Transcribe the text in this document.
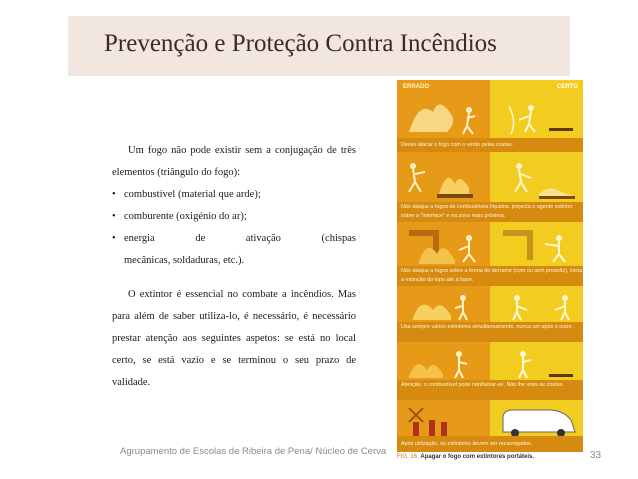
Prevenção e Proteção Contra Incêndios
Um fogo não pode existir sem a conjugação de três
elementos (triângulo do fogo):
• combustível (material que arde);
• comburente (oxigénio do ar);
• energia	de	ativação	(chispas
mecânicas, soldaduras, etc.).
O extintor é essencial no combate a incêndios. Mas
para além de saber utiliza-lo, é necessário, é necessário
prestar atenção aos seguintes aspetos: se está no local
certo, se está vazio e se terminou o seu prazo de
validade.
ERRADO	CERTO
Deves atacar o fogo com o vento pelas costas.
Não ataque a fogos de combustíveis líquidos, projecta o agente extintor sobre a "interface" e na zona mais próxima.
Não ataque a fogos sobre a forma de derrame (com ou sem pressão), inicia a extinção do topo até à base.
Usa sempre vários extintores simultaneamente, nunca um após o outro.
Atenção: o combustível pode reinflamar-se. Não lhe vires as costas.
Após utilização, os extintores devem ser recarregados.
FIG. 16. Apagar o fogo com extintores portáteis.
Agrupamento de Escolas de Ribeira de Pena/ Núcleo de Cerva	33
